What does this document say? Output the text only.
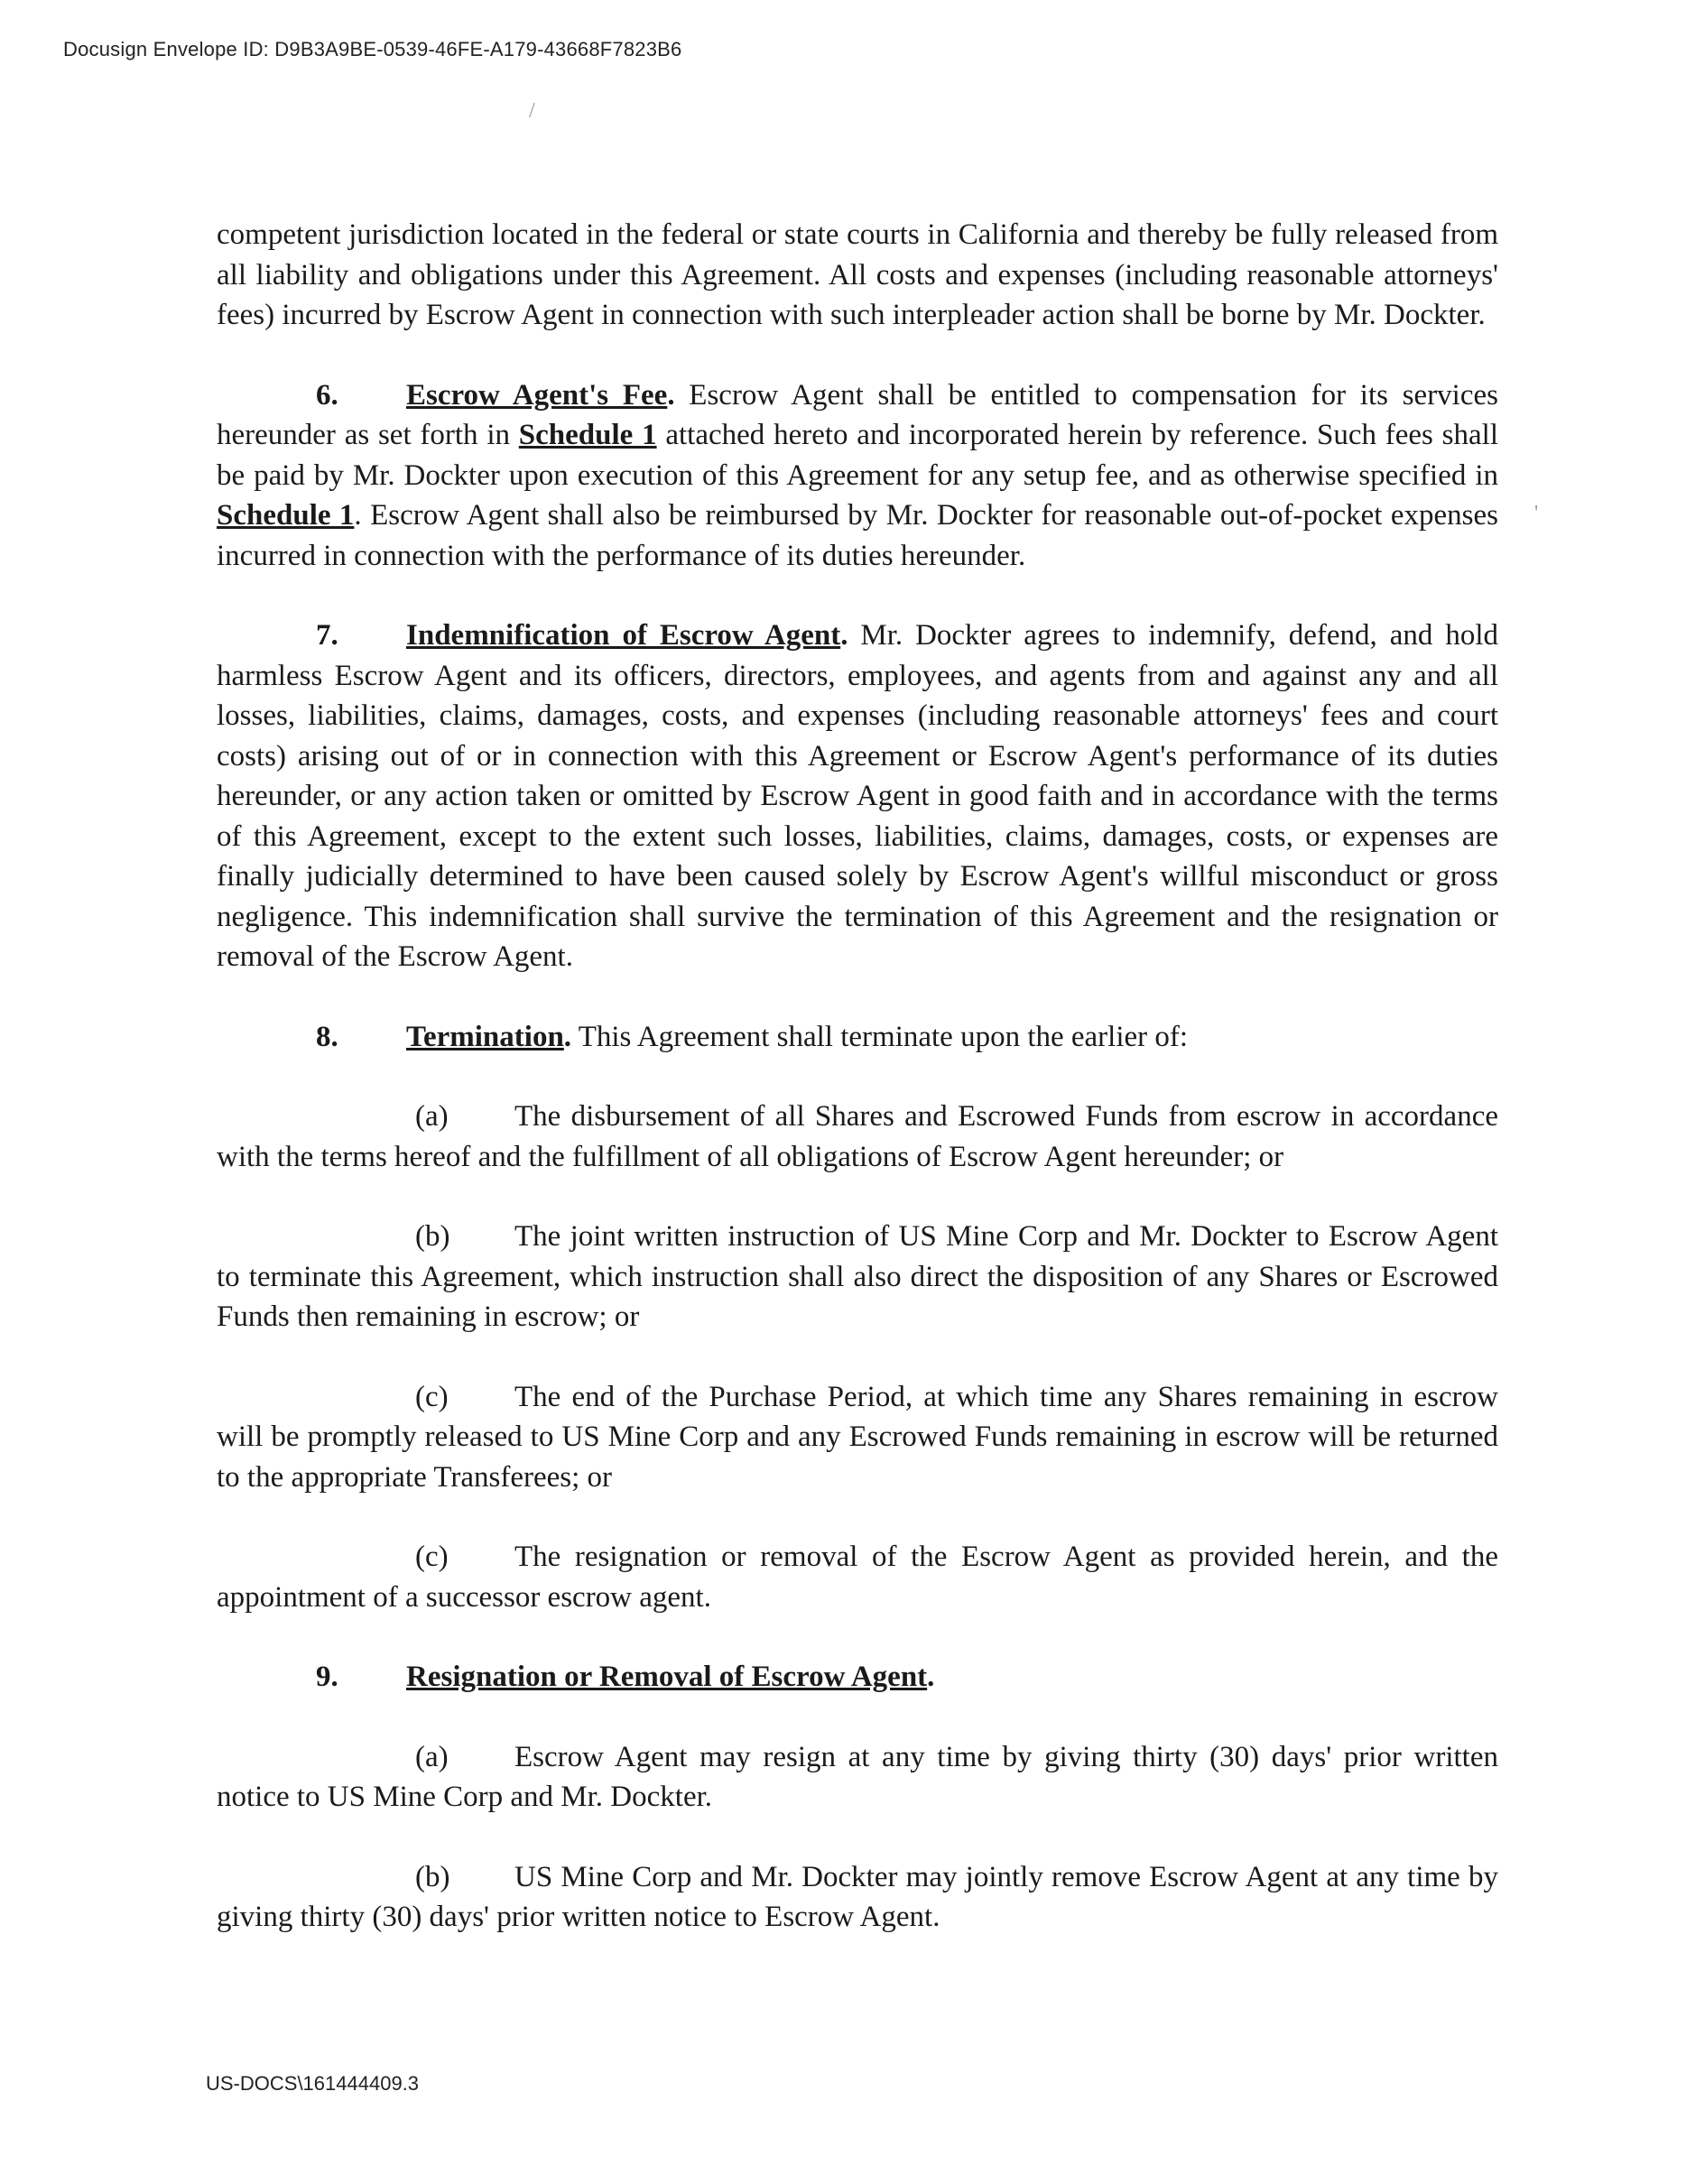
Docusign Envelope ID: D9B3A9BE-0539-46FE-A179-43668F7823B6
/
'

competent jurisdiction located in the federal or state courts in California and thereby be fully released from all liability and obligations under this Agreement. All costs and expenses (including reasonable attorneys' fees) incurred by Escrow Agent in connection with such interpleader action shall be borne by Mr. Dockter.

6. Escrow Agent's Fee. Escrow Agent shall be entitled to compensation for its services hereunder as set forth in Schedule 1 attached hereto and incorporated herein by reference. Such fees shall be paid by Mr. Dockter upon execution of this Agreement for any setup fee, and as otherwise specified in Schedule 1. Escrow Agent shall also be reimbursed by Mr. Dockter for reasonable out-of-pocket expenses incurred in connection with the performance of its duties hereunder.

7. Indemnification of Escrow Agent. Mr. Dockter agrees to indemnify, defend, and hold harmless Escrow Agent and its officers, directors, employees, and agents from and against any and all losses, liabilities, claims, damages, costs, and expenses (including reasonable attorneys' fees and court costs) arising out of or in connection with this Agreement or Escrow Agent's performance of its duties hereunder, or any action taken or omitted by Escrow Agent in good faith and in accordance with the terms of this Agreement, except to the extent such losses, liabilities, claims, damages, costs, or expenses are finally judicially determined to have been caused solely by Escrow Agent's willful misconduct or gross negligence. This indemnification shall survive the termination of this Agreement and the resignation or removal of the Escrow Agent.

8. Termination. This Agreement shall terminate upon the earlier of:

(a) The disbursement of all Shares and Escrowed Funds from escrow in accordance with the terms hereof and the fulfillment of all obligations of Escrow Agent hereunder; or

(b) The joint written instruction of US Mine Corp and Mr. Dockter to Escrow Agent to terminate this Agreement, which instruction shall also direct the disposition of any Shares or Escrowed Funds then remaining in escrow; or

(c) The end of the Purchase Period, at which time any Shares remaining in escrow will be promptly released to US Mine Corp and any Escrowed Funds remaining in escrow will be returned to the appropriate Transferees; or

(c) The resignation or removal of the Escrow Agent as provided herein, and the appointment of a successor escrow agent.

9. Resignation or Removal of Escrow Agent.

(a) Escrow Agent may resign at any time by giving thirty (30) days' prior written notice to US Mine Corp and Mr. Dockter.

(b) US Mine Corp and Mr. Dockter may jointly remove Escrow Agent at any time by giving thirty (30) days' prior written notice to Escrow Agent.

US-DOCS\161444409.3
